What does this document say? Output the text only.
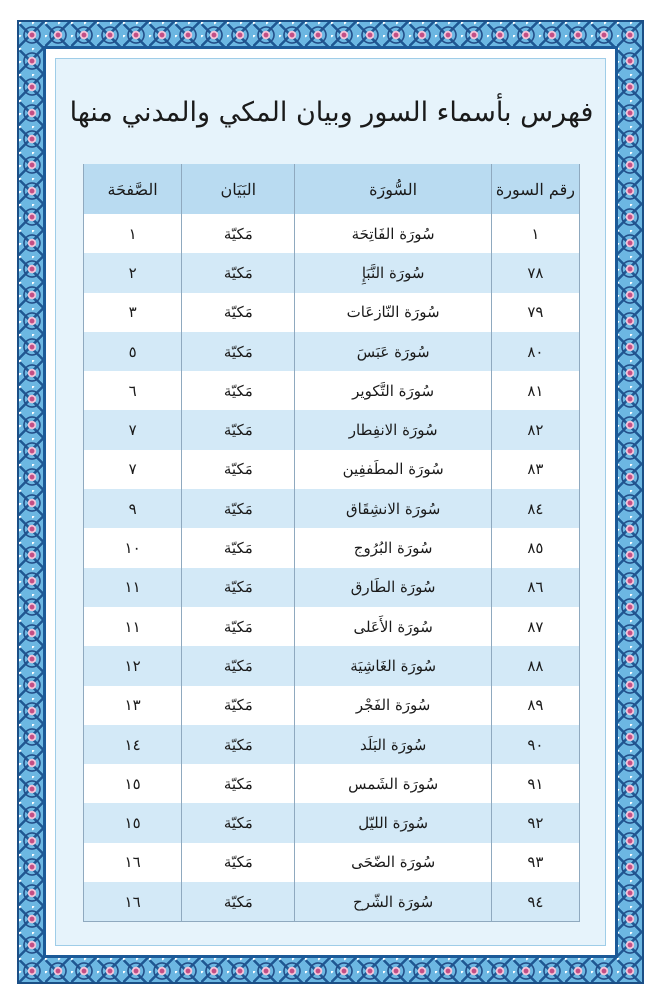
فهرس بأسماء السور وبيان المكي والمدني منها
رقم السورة	السُّورَة	البَيَان	الصَّفحَة
١	سُورَة الفَاتِحَة	مَكيّة	١
٧٨	سُورَة النَّبَإِ	مَكيّة	٢
٧٩	سُورَة النّازعَات	مَكيّة	٣
٨٠	سُورَة عَبَسَ	مَكيّة	٥
٨١	سُورَة التَّكوير	مَكيّة	٦
٨٢	سُورَة الانفِطار	مَكيّة	٧
٨٣	سُورَة المطَففِين	مَكيّة	٧
٨٤	سُورَة الانشِقَاق	مَكيّة	٩
٨٥	سُورَة البُرُوج	مَكيّة	١٠
٨٦	سُورَة الطَارق	مَكيّة	١١
٨٧	سُورَة الأَعَلى	مَكيّة	١١
٨٨	سُورَة الغَاشِيَة	مَكيّة	١٢
٨٩	سُورَة الفَجْر	مَكيّة	١٣
٩٠	سُورَة البَلَد	مَكيّة	١٤
٩١	سُورَة الشَمس	مَكيّة	١٥
٩٢	سُورَة الليّل	مَكيّة	١٥
٩٣	سُورَة الضّحَى	مَكيّة	١٦
٩٤	سُورَة الشّرح	مَكيّة	١٦
